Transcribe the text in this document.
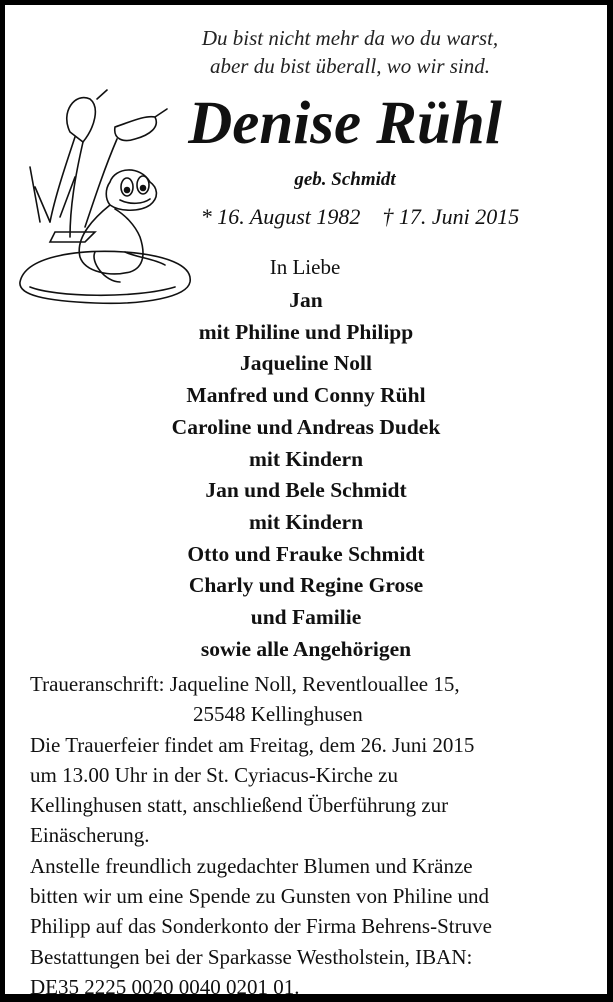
Du bist nicht mehr da wo du warst,
aber du bist überall, wo wir sind.
Denise Rühl
geb. Schmidt
* 16. August 1982    † 17. Juni 2015
In Liebe
Jan
mit Philine und Philipp
Jaqueline Noll
Manfred und Conny Rühl
Caroline und Andreas Dudek
mit Kindern
Jan und Bele Schmidt
mit Kindern
Otto und Frauke Schmidt
Charly und Regine Grose
und Familie
sowie alle Angehörigen
Traueranschrift: Jaqueline Noll, Reventlouallee 15,
25548 Kellinghusen
Die Trauerfeier findet am Freitag, dem 26. Juni 2015
um 13.00 Uhr in der St. Cyriacus-Kirche zu
Kellinghusen statt, anschließend Überführung zur
Einäscherung.
Anstelle freundlich zugedachter Blumen und Kränze
bitten wir um eine Spende zu Gunsten von Philine und
Philipp auf das Sonderkonto der Firma Behrens-Struve
Bestattungen bei der Sparkasse Westholstein, IBAN:
DE35 2225 0020 0040 0201 01.
